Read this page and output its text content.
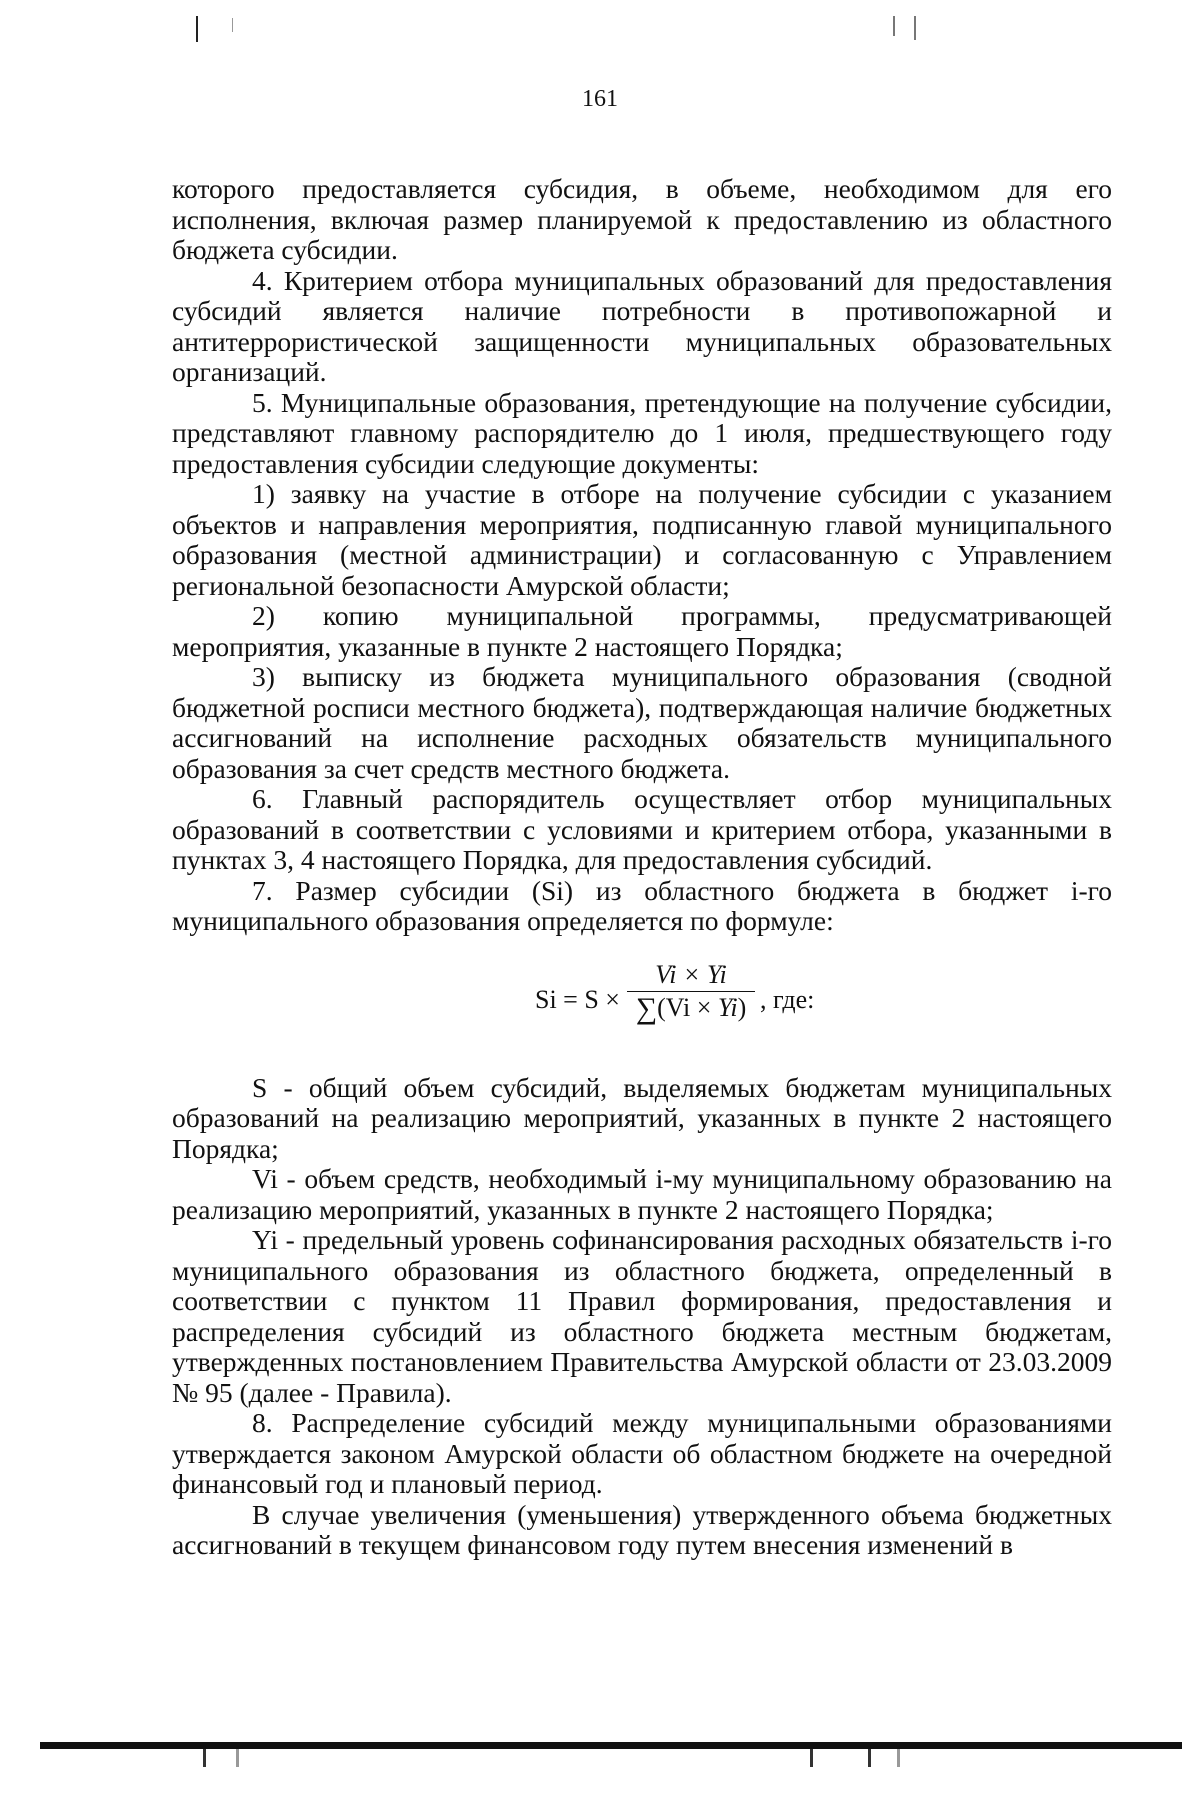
161

которого предоставляется субсидия, в объеме, необходимом для его исполнения, включая размер планируемой к предоставлению из областного бюджета субсидии.

4. Критерием отбора муниципальных образований для предоставления субсидий является наличие потребности в противопожарной и антитеррористической защищенности муниципальных образовательных организаций.

5. Муниципальные образования, претендующие на получение субсидии, представляют главному распорядителю до 1 июля, предшествующего году предоставления субсидии следующие документы:

1) заявку на участие в отборе на получение субсидии с указанием объектов и направления мероприятия, подписанную главой муниципального образования (местной администрации) и согласованную с Управлением региональной безопасности Амурской области;

2) копию муниципальной программы, предусматривающей мероприятия, указанные в пункте 2 настоящего Порядка;

3) выписку из бюджета муниципального образования (сводной бюджетной росписи местного бюджета), подтверждающая наличие бюджетных ассигнований на исполнение расходных обязательств муниципального образования за счет средств местного бюджета.

6. Главный распорядитель осуществляет отбор муниципальных образований в соответствии с условиями и критерием отбора, указанными в пунктах 3, 4 настоящего Порядка, для предоставления субсидий.

7. Размер субсидии (Si) из областного бюджета в бюджет i-го муниципального образования определяется по формуле:

$Si = S \times \frac{Vi \times Yi}{\sum(Vi \times Yi)}$ , где:

S - общий объем субсидий, выделяемых бюджетам муниципальных образований на реализацию мероприятий, указанных в пункте 2 настоящего Порядка;

Vi - объем средств, необходимый i-му муниципальному образованию на реализацию мероприятий, указанных в пункте 2 настоящего Порядка;

Yi - предельный уровень софинансирования расходных обязательств i-го муниципального образования из областного бюджета, определенный в соответствии с пунктом 11 Правил формирования, предоставления и распределения субсидий из областного бюджета местным бюджетам, утвержденных постановлением Правительства Амурской области от 23.03.2009 № 95 (далее - Правила).

8. Распределение субсидий между муниципальными образованиями утверждается законом Амурской области об областном бюджете на очередной финансовый год и плановый период.

В случае увеличения (уменьшения) утвержденного объема бюджетных ассигнований в текущем финансовом году путем внесения изменений в
